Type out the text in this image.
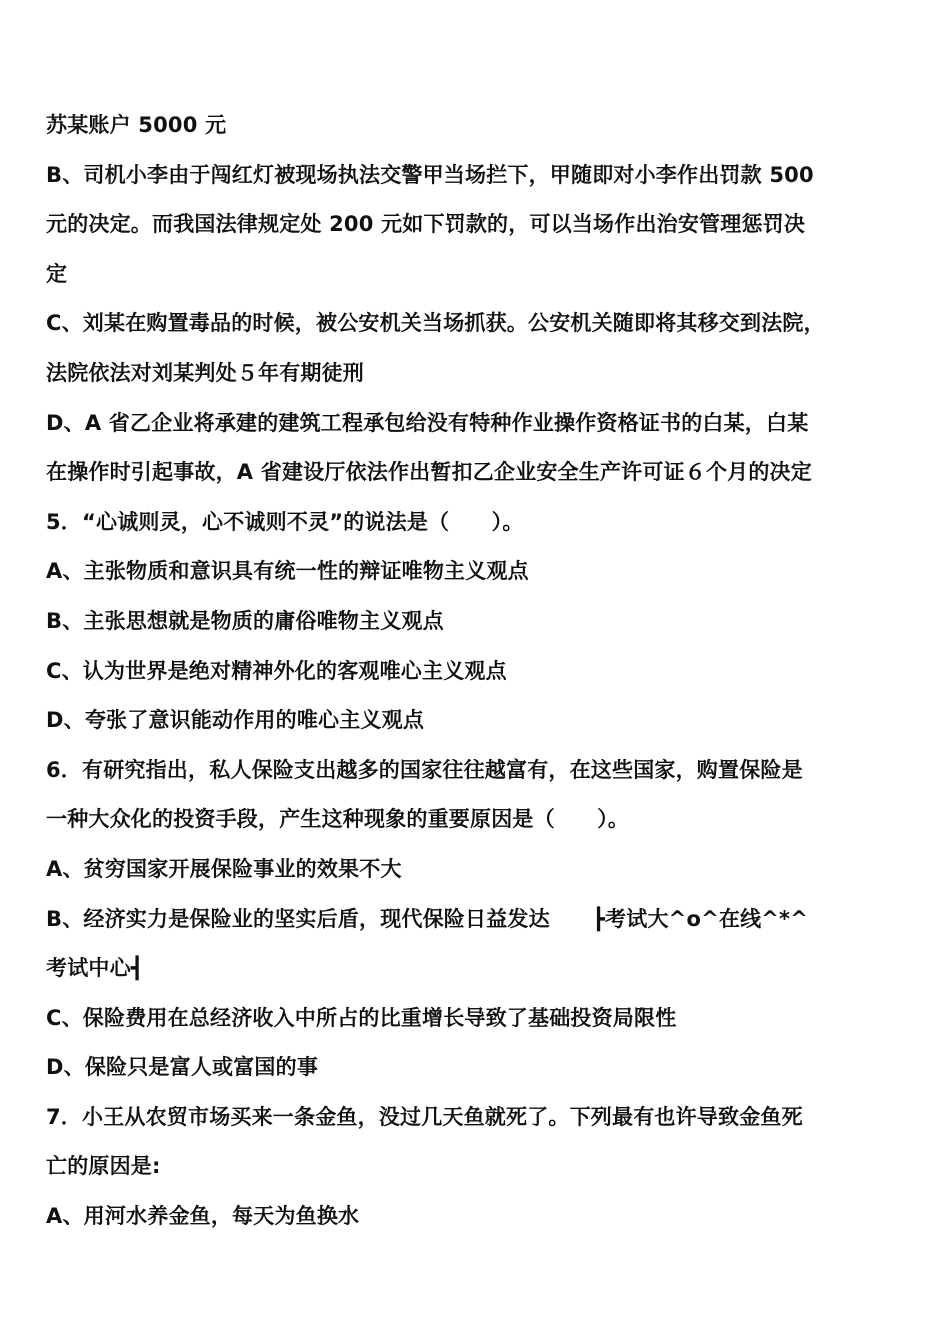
苏某账户 5000 元
B、司机小李由于闯红灯被现场执法交警甲当场拦下，甲随即对小李作出罚款 500
元的决定。而我国法律规定处 200 元如下罚款的，可以当场作出治安管理惩罚决
定
C、刘某在购置毒品的时候，被公安机关当场抓获。公安机关随即将其移交到法院，
法院依法对刘某判处５年有期徒刑
D、A 省乙企业将承建的建筑工程承包给没有特种作业操作资格证书的白某，白某
在操作时引起事故，A 省建设厅依法作出暂扣乙企业安全生产许可证６个月的决定
5．“心诚则灵，心不诚则不灵”的说法是（　　）。
A、主张物质和意识具有统一性的辩证唯物主义观点
B、主张思想就是物质的庸俗唯物主义观点
C、认为世界是绝对精神外化的客观唯心主义观点
D、夸张了意识能动作用的唯心主义观点
6．有研究指出，私人保险支出越多的国家往往越富有，在这些国家，购置保险是
一种大众化的投资手段，产生这种现象的重要原因是（　　）。
A、贫穷国家开展保险事业的效果不大
B、经济实力是保险业的坚实后盾，现代保险日益发达　　┣考试大^o^在线^*^
考试中心┫
C、保险费用在总经济收入中所占的比重增长导致了基础投资局限性
D、保险只是富人或富国的事
7．小王从农贸市场买来一条金鱼，没过几天鱼就死了。下列最有也许导致金鱼死
亡的原因是:
A、用河水养金鱼，每天为鱼换水
